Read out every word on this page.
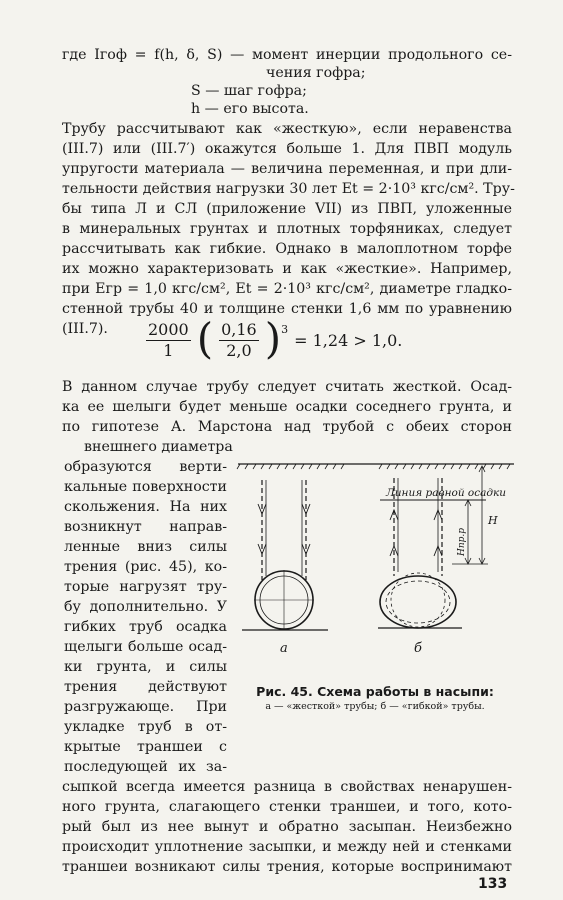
где Iгоф = f(h, δ, S) — момент инерции продольного се-
чения гофра;
S — шаг гофра;
h — его высота.
Трубу рассчитывают как «жесткую», если неравенства
(III.7) или (III.7′) окажутся больше 1. Для ПВП модуль
упругости материала — величина переменная, и при дли-
тельности действия нагрузки 30 лет Et = 2·10³ кгс/см². Тру-
бы типа Л и СЛ (приложение VII) из ПВП, уложенные
в минеральных грунтах и плотных торфяниках, следует
рассчитывать как гибкие. Однако в малоплотном торфе
их можно характеризовать и как «жесткие». Например,
при Eгр = 1,0 кгс/см², Et = 2·10³ кгс/см², диаметре гладко-
стенной трубы 40 и толщине стенки 1,6 мм по уравнению
(III.7).	$\frac{2000}{1}$ ( $\frac{0,16}{2,0}$ ) 3
= 1,24 > 1,0.
В данном случае трубу следует считать жесткой. Осад-
ка ее шелыги будет меньше осадки соседнего грунта, и
по гипотезе А. Марстона над трубой с обеих сторон
внешнего диаметра
образуются верти-
кальные поверхности
скольжения. На них
возникнут направ-
ленные вниз силы
трения (рис. 45), ко-
торые нагрузят тру-
бу дополнительно. У
гибких труб осадка
щелыги больше осад-
ки грунта, и силы
трения действуют
разгружающе. При
укладке труб в от-
крытые траншеи с
последующей их за-
Линия равной осадки
H
Hпр.р
а	б
Рис. 45. Схема работы в насыпи:
а — «жесткой» трубы; б — «гибкой» трубы.
сыпкой всегда имеется разница в свойствах ненарушен-
ного грунта, слагающего стенки траншеи, и того, кото-
рый был из нее вынут и обратно засыпан. Неизбежно
происходит уплотнение засыпки, и между ней и стенками
траншеи возникают силы трения, которые воспринимают
133
